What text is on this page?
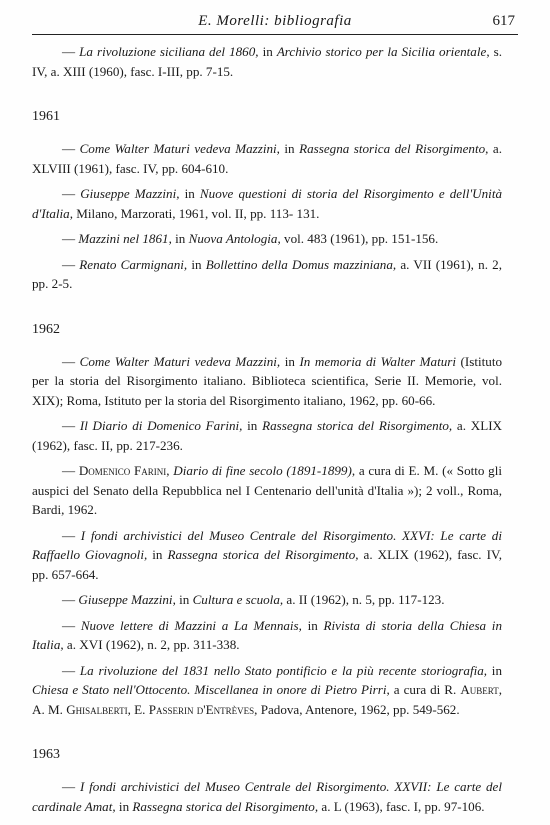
E. Morelli: bibliografia	617

— La rivoluzione siciliana del 1860, in Archivio storico per la Sicilia orientale, s. IV, a. XIII (1960), fasc. I-III, pp. 7-15.

1961

— Come Walter Maturi vedeva Mazzini, in Rassegna storica del Risorgimento, a. XLVIII (1961), fasc. IV, pp. 604-610.

— Giuseppe Mazzini, in Nuove questioni di storia del Risorgimento e dell'Unità d'Italia, Milano, Marzorati, 1961, vol. II, pp. 113- 131.

— Mazzini nel 1861, in Nuova Antologia, vol. 483 (1961), pp. 151-156.

— Renato Carmignani, in Bollettino della Domus mazziniana, a. VII (1961), n. 2, pp. 2-5.

1962

— Come Walter Maturi vedeva Mazzini, in In memoria di Walter Maturi (Istituto per la storia del Risorgimento italiano. Biblioteca scientifica, Serie II. Memorie, vol. XIX); Roma, Istituto per la storia del Risorgimento italiano, 1962, pp. 60-66.

— Il Diario di Domenico Farini, in Rassegna storica del Risorgimento, a. XLIX (1962), fasc. II, pp. 217-236.

— Domenico Farini, Diario di fine secolo (1891-1899), a cura di E. M. (« Sotto gli auspici del Senato della Repubblica nel I Centenario dell'unità d'Italia »); 2 voll., Roma, Bardi, 1962.

— I fondi archivistici del Museo Centrale del Risorgimento. XXVI: Le carte di Raffaello Giovagnoli, in Rassegna storica del Risorgimento, a. XLIX (1962), fasc. IV, pp. 657-664.

— Giuseppe Mazzini, in Cultura e scuola, a. II (1962), n. 5, pp. 117-123.

— Nuove lettere di Mazzini a La Mennais, in Rivista di storia della Chiesa in Italia, a. XVI (1962), n. 2, pp. 311-338.

— La rivoluzione del 1831 nello Stato pontificio e la più recente storiografia, in Chiesa e Stato nell'Ottocento. Miscellanea in onore di Pietro Pirri, a cura di R. Aubert, A. M. Ghisalberti, E. Passerin d'Entrèves, Padova, Antenore, 1962, pp. 549-562.

1963

— I fondi archivistici del Museo Centrale del Risorgimento. XXVII: Le carte del cardinale Amat, in Rassegna storica del Risorgimento, a. L (1963), fasc. I, pp. 97-106.
